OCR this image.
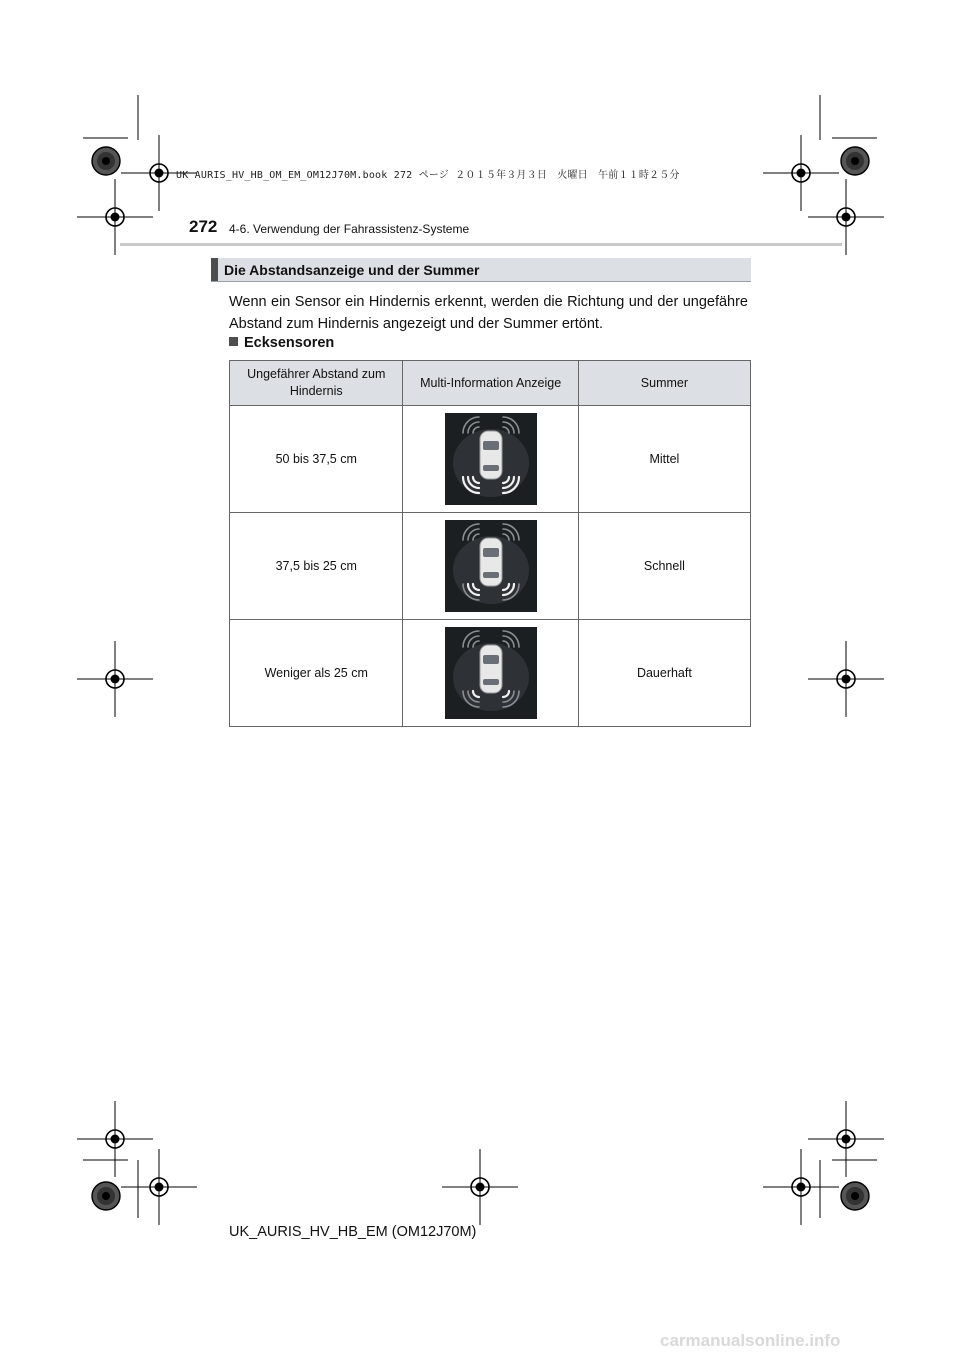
UK AURIS_HV_HB_OM_EM_OM12J70M.book 272 ページ ２０１５年３月３日　火曜日　午前１１時２５分
272 4-6. Verwendung der Fahrassistenz-Systeme
Die Abstandsanzeige und der Summer
Wenn ein Sensor ein Hindernis erkennt, werden die Richtung und der ungefähre Abstand zum Hindernis angezeigt und der Summer ertönt.
Ecksensoren
Ungefährer Abstand zum Hindernis	Multi-Information Anzeige	Summer
50 bis 37,5 cm		Mittel
37,5 bis 25 cm		Schnell
Weniger als 25 cm		Dauerhaft
UK_AURIS_HV_HB_EM (OM12J70M)
carmanualsonline.info
